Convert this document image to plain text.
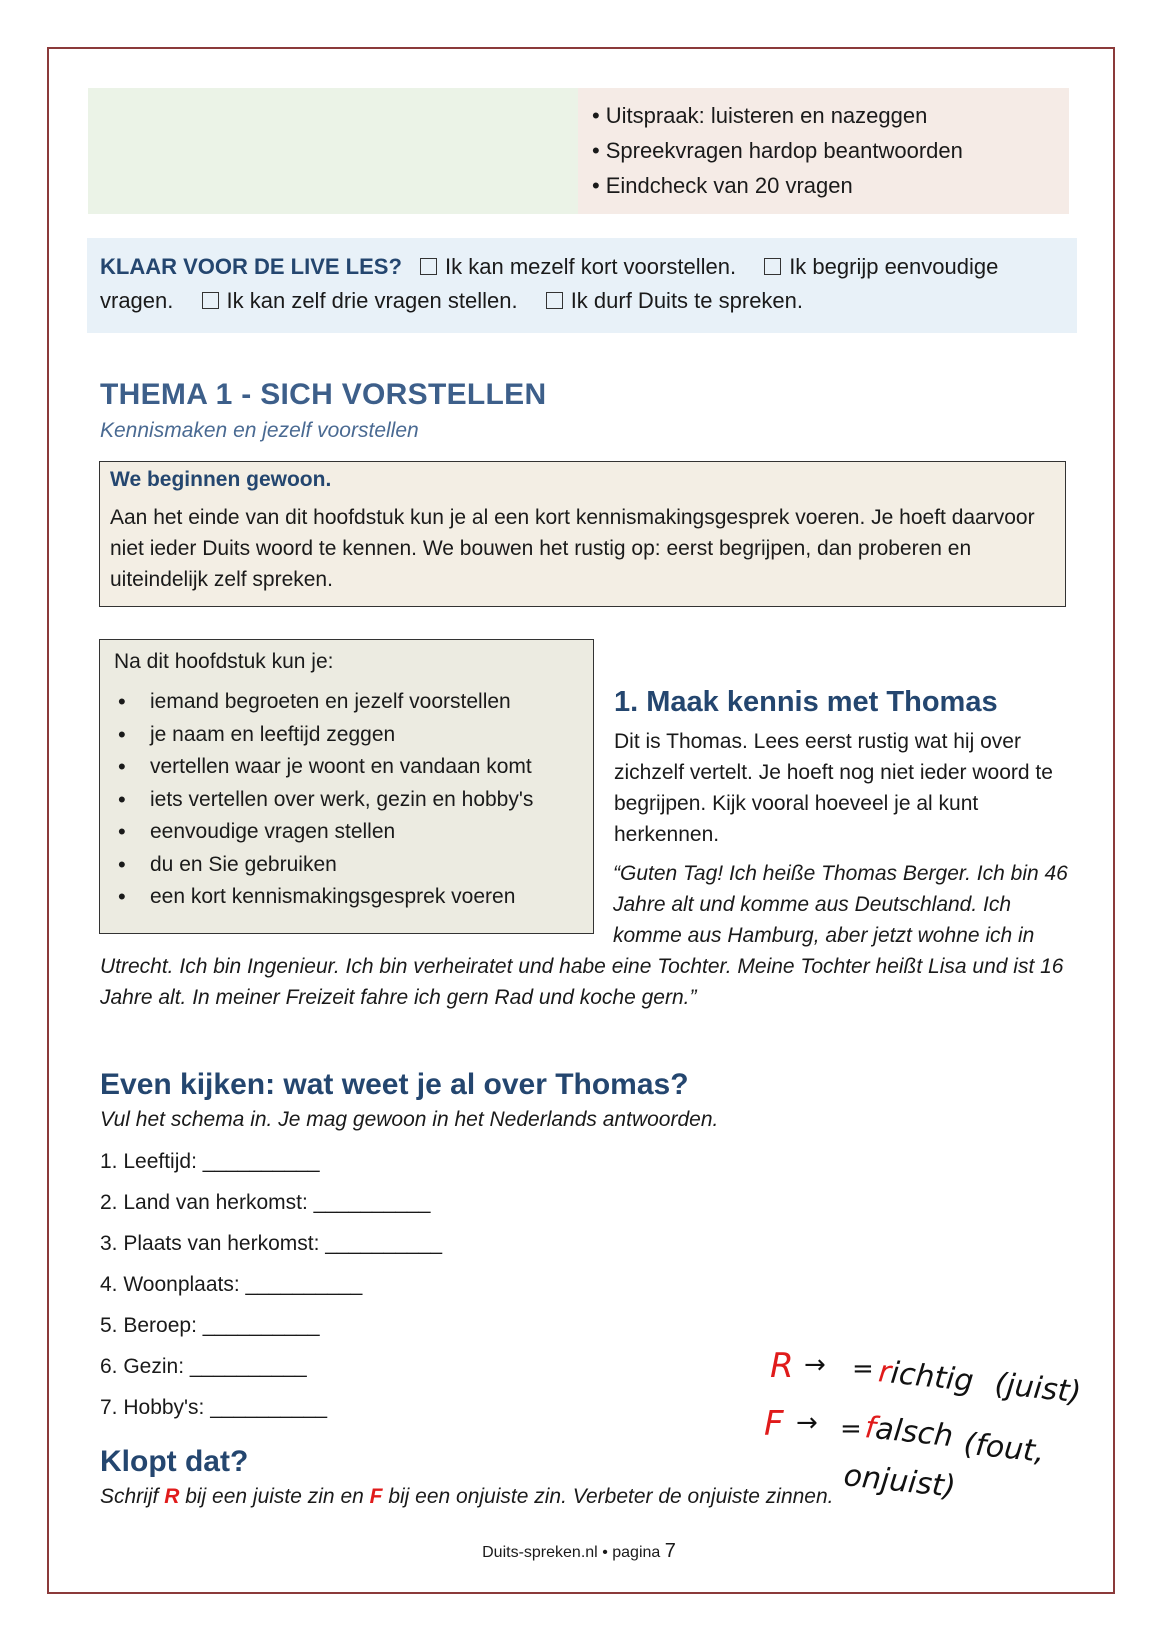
• Uitspraak: luisteren en nazeggen
• Spreekvragen hardop beantwoorden
• Eindcheck van 20 vragen
KLAAR VOOR DE LIVE LES? Ik kan mezelf kort voorstellen. Ik begrijp eenvoudige vragen. Ik kan zelf drie vragen stellen. Ik durf Duits te spreken.
THEMA 1 - SICH VORSTELLEN
Kennismaken en jezelf voorstellen
We beginnen gewoon.
Aan het einde van dit hoofdstuk kun je al een kort kennismakingsgesprek voeren. Je hoeft daarvoor niet ieder Duits woord te kennen. We bouwen het rustig op: eerst begrijpen, dan proberen en uiteindelijk zelf spreken.
Na dit hoofdstuk kun je:
• iemand begroeten en jezelf voorstellen
• je naam en leeftijd zeggen
• vertellen waar je woont en vandaan komt
• iets vertellen over werk, gezin en hobby's
• eenvoudige vragen stellen
• du en Sie gebruiken
• een kort kennismakingsgesprek voeren
1. Maak kennis met Thomas
Dit is Thomas. Lees eerst rustig wat hij over zichzelf vertelt. Je hoeft nog niet ieder woord te begrijpen. Kijk vooral hoeveel je al kunt herkennen.
“Guten Tag! Ich heiße Thomas Berger. Ich bin 46 Jahre alt und komme aus Deutschland. Ich komme aus Hamburg, aber jetzt wohne ich in Utrecht. Ich bin Ingenieur. Ich bin verheiratet und habe eine Tochter. Meine Tochter heißt Lisa und ist 16 Jahre alt. In meiner Freizeit fahre ich gern Rad und koche gern.”
Even kijken: wat weet je al over Thomas?
Vul het schema in. Je mag gewoon in het Nederlands antwoorden.
1. Leeftijd: __________
2. Land van herkomst: __________
3. Plaats van herkomst: __________
4. Woonplaats: __________
5. Beroep: __________
6. Gezin: __________
7. Hobby's: __________
Klopt dat?
Schrijf R bij een juiste zin en F bij een onjuiste zin. Verbeter de onjuiste zinnen.
R → = richtig (juist)
F → = falsch (fout,
onjuist)
Duits-spreken.nl • pagina 7
